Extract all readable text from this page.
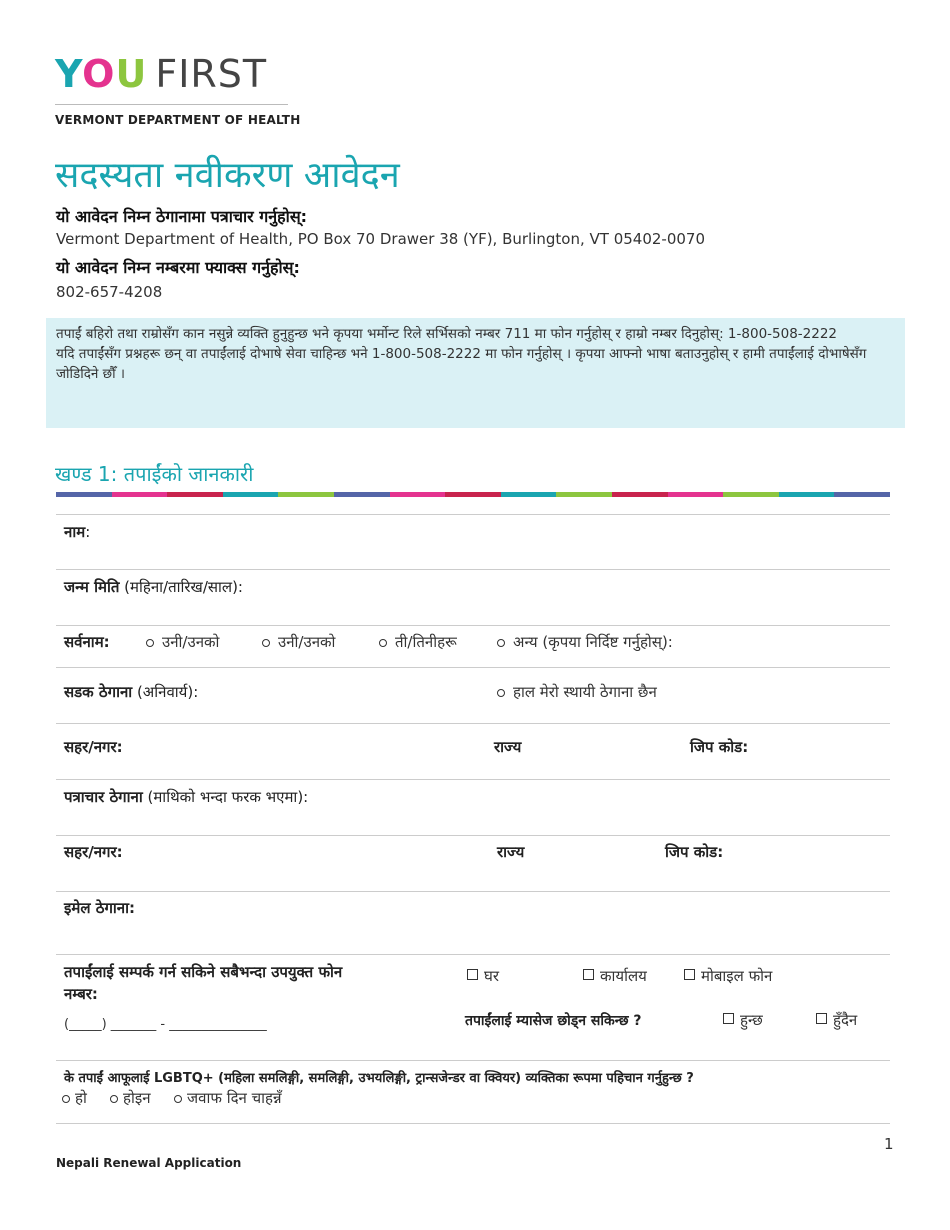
YOU FIRST
VERMONT DEPARTMENT OF HEALTH
सदस्यता नवीकरण आवेदन
यो आवेदन निम्न ठेगानामा पत्राचार गर्नुहोस्:
Vermont Department of Health, PO Box 70 Drawer 38 (YF), Burlington, VT 05402-0070
यो आवेदन निम्न नम्बरमा फ्याक्स गर्नुहोस्:
802-657-4208
तपाईं बहिरो तथा राम्रोसँग कान नसुन्ने व्यक्ति हुनुहुन्छ भने कृपया भर्मोन्ट रिले सर्भिसको नम्बर 711 मा फोन गर्नुहोस् र हाम्रो नम्बर दिनुहोस्: 1-800-508-2222
यदि तपाईंसँग प्रश्नहरू छन् वा तपाईंलाई दोभाषे सेवा चाहिन्छ भने 1-800-508-2222 मा फोन गर्नुहोस् । कृपया आफ्नो भाषा बताउनुहोस् र हामी तपाईंलाई दोभाषेसँग जोडिदिने छौँ ।
खण्ड 1: तपाईंको जानकारी
नाम:
जन्म मिति (महिना/तारिख/साल):
सर्वनाम:	उनी/उनको	उनी/उनको	ती/तिनीहरू	अन्य (कृपया निर्दिष्ट गर्नुहोस्):
सडक ठेगाना (अनिवार्य):	हाल मेरो स्थायी ठेगाना छैन
सहर/नगर:	राज्य	जिप कोड:
पत्राचार ठेगाना (माथिको भन्दा फरक भएमा):
सहर/नगर:	राज्य	जिप कोड:
इमेल ठेगाना:
तपाईंलाई सम्पर्क गर्न सकिने सबैभन्दा उपयुक्त फोन
नम्बर:
(_____) _______ - _______________
घर	कार्यालय	मोबाइल फोन
तपाईंलाई म्यासेज छोड्न सकिन्छ ?	हुन्छ	हुँदैन
के तपाईं आफूलाई LGBTQ+ (महिला समलिङ्गी, समलिङ्गी, उभयलिङ्गी, ट्रान्सजेन्डर वा क्वियर) व्यक्तिका रूपमा पहिचान गर्नुहुन्छ ?
हो	होइन	जवाफ दिन चाहन्नँ
1
Nepali Renewal Application
